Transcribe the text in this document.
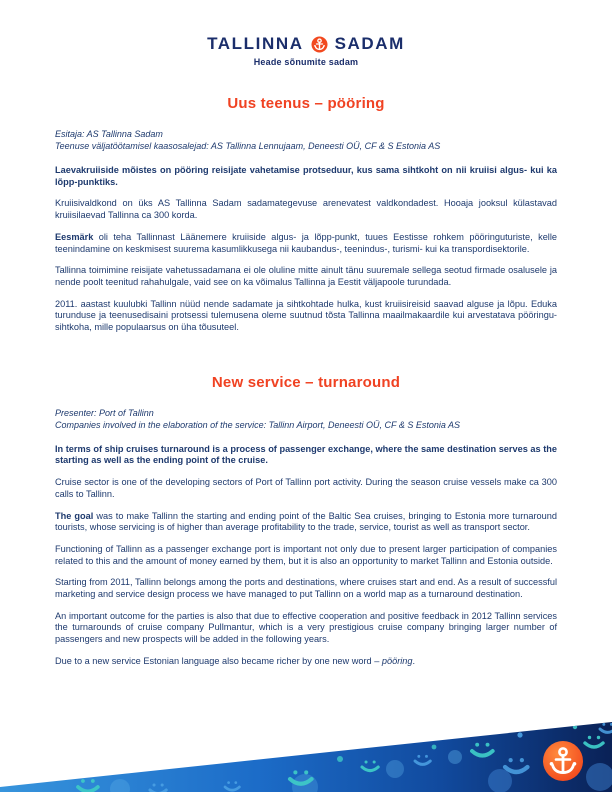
TALLINNA SADAM
Heade sõnumite sadam
Uus teenus – pööring
Esitaja: AS Tallinna Sadam
Teenuse väljatöötamisel kaasosalejad: AS Tallinna Lennujaam, Deneesti OÜ, CF & S Estonia AS

Laevakruiiside mõistes on pööring reisijate vahetamise protseduur, kus sama sihtkoht on nii kruiisi algus- kui ka lõpp-punktiks.

Kruiisivaldkond on üks AS Tallinna Sadam sadamategevuse arenevatest valdkondadest. Hooaja jooksul külastavad kruiisilaevad Tallinna ca 300 korda.

Eesmärk oli teha Tallinnast Läänemere kruiiside algus- ja lõpp-punkt, tuues Eestisse rohkem pööringuturiste, kelle teenindamine on keskmisest suurema kasumlikkusega nii kaubandus-, teenindus-, turismi- kui ka transpordisektorile.

Tallinna toimimine reisijate vahetussadamana ei ole oluline mitte ainult tänu suuremale sellega seotud firmade osalusele ja nende poolt teenitud rahahulgale, vaid see on ka võimalus Tallinna ja Eestit väljapoole turundada.

2011. aastast kuulubki Tallinn nüüd nende sadamate ja sihtkohtade hulka, kust kruiisireisid saavad alguse ja lõpu. Eduka turunduse ja teenusedisaini protsessi tulemusena oleme suutnud tõsta Tallinna maailmakaardile kui arvestatava pööringu-sihtkoha, mille populaarsus on üha tõusuteel.

New service – turnaround
Presenter: Port of Tallinn
Companies involved in the elaboration of the service: Tallinn Airport, Deneesti OÜ, CF & S Estonia AS

In terms of ship cruises turnaround is a process of passenger exchange, where the same destination serves as the starting as well as the ending point of the cruise.

Cruise sector is one of the developing sectors of Port of Tallinn port activity. During the season cruise vessels make ca 300 calls to Tallinn.

The goal was to make Tallinn the starting and ending point of the Baltic Sea cruises, bringing to Estonia more turnaround tourists, whose servicing is of higher than average profitability to the trade, service, tourist as well as transport sector.

Functioning of Tallinn as a passenger exchange port is important not only due to present larger participation of companies related to this and the amount of money earned by them, but it is also an opportunity to market Tallinn and Estonia outside.

Starting from 2011, Tallinn belongs among the ports and destinations, where cruises start and end. As a result of successful marketing and service design process we have managed to put Tallinn on a world map as a turnaround destination.

An important outcome for the parties is also that due to effective cooperation and positive feedback in 2012 Tallinn services the turnarounds of cruise company Pullmantur, which is a very prestigious cruise company bringing larger number of passengers and new prospects will be added in the following years.

Due to a new service Estonian language also became richer by one new word – pööring.
